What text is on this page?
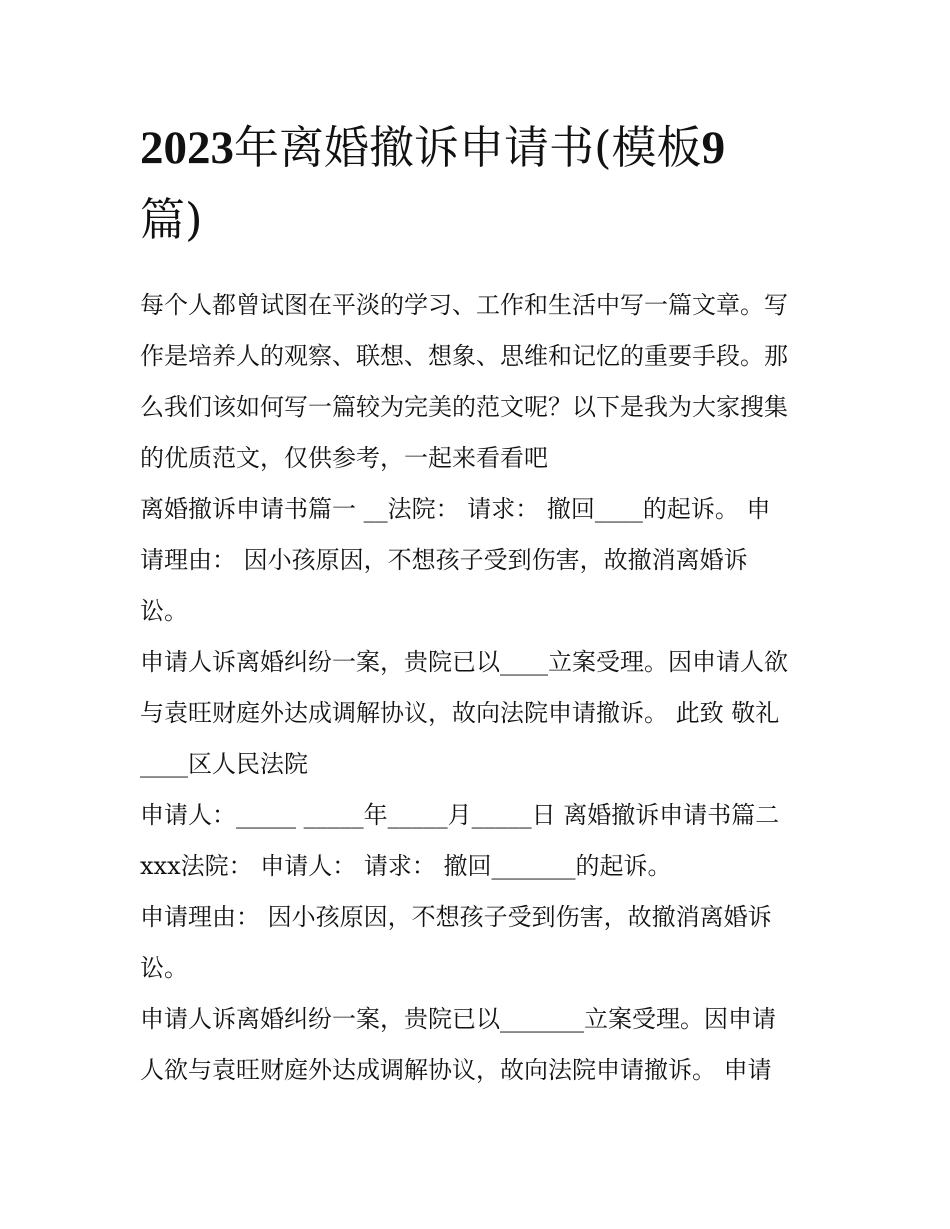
2023年离婚撤诉申请书(模板9
篇)

每个人都曾试图在平淡的学习、工作和生活中写一篇文章。写
作是培养人的观察、联想、想象、思维和记忆的重要手段。那
么我们该如何写一篇较为完美的范文呢？以下是我为大家搜集
的优质范文，仅供参考，一起来看看吧

离婚撤诉申请书篇一 __法院： 请求： 撤回____的起诉。 申
请理由： 因小孩原因，不想孩子受到伤害，故撤消离婚诉
讼。

申请人诉离婚纠纷一案，贵院已以____立案受理。因申请人欲
与袁旺财庭外达成调解协议，故向法院申请撤诉。 此致 敬礼
____区人民法院

申请人：_____ _____年_____月_____日 离婚撤诉申请书篇二
xxx法院： 申请人： 请求： 撤回_______的起诉。

申请理由： 因小孩原因，不想孩子受到伤害，故撤消离婚诉
讼。

申请人诉离婚纠纷一案，贵院已以_______立案受理。因申请
人欲与袁旺财庭外达成调解协议，故向法院申请撤诉。 申请
